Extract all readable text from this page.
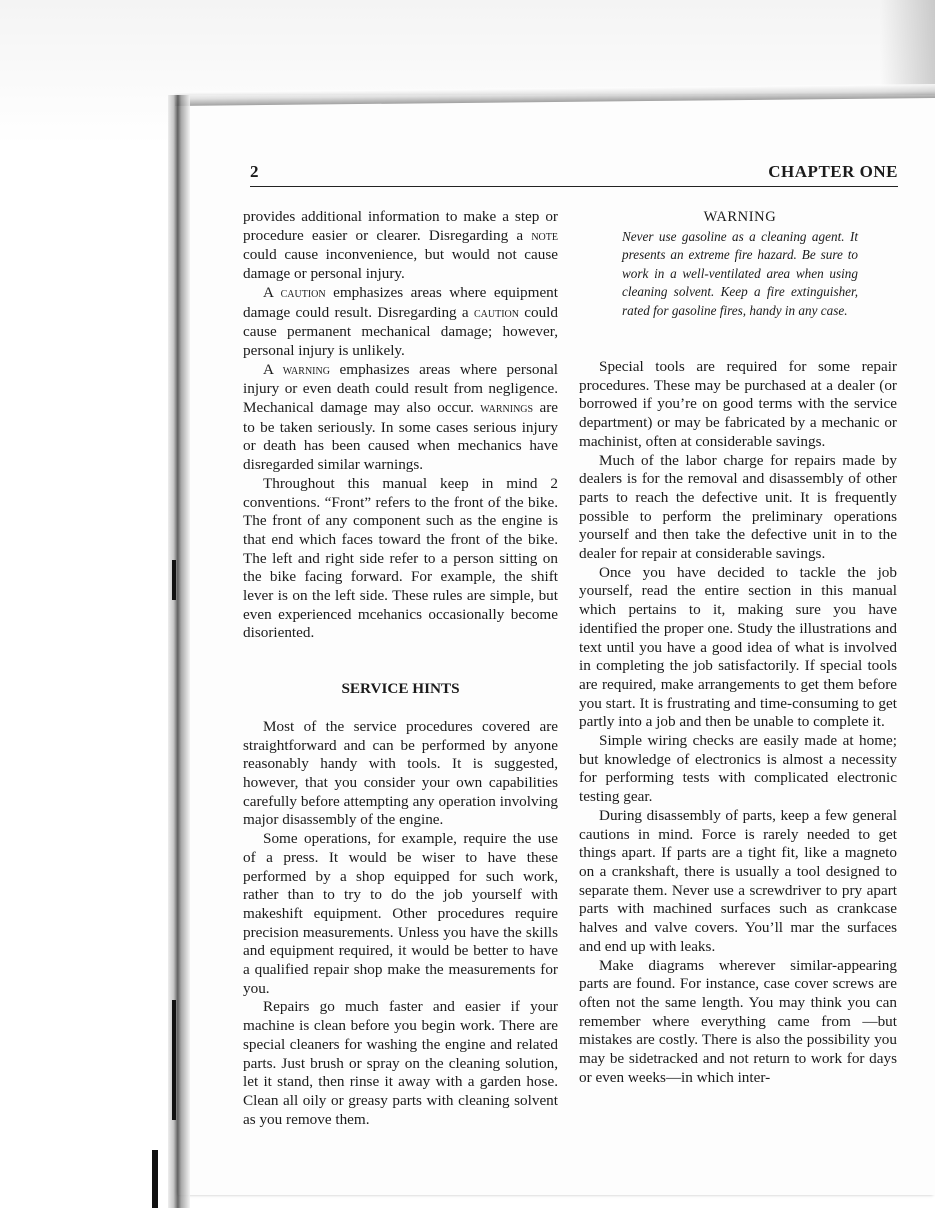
2	CHAPTER ONE

provides additional information to make a step or procedure easier or clearer. Disregarding a note could cause inconvenience, but would not cause damage or personal injury.

A caution emphasizes areas where equipment damage could result. Disregarding a caution could cause permanent mechanical damage; however, personal injury is unlikely.

A warning emphasizes areas where personal injury or even death could result from negligence. Mechanical damage may also occur. warnings are to be taken seriously. In some cases serious injury or death has been caused when mechanics have disregarded similar warnings.

Throughout this manual keep in mind 2 conventions. “Front” refers to the front of the bike. The front of any component such as the engine is that end which faces toward the front of the bike. The left and right side refer to a person sitting on the bike facing forward. For example, the shift lever is on the left side. These rules are simple, but even experienced mcehanics occasionally become disoriented.

SERVICE HINTS

Most of the service procedures covered are straightforward and can be performed by anyone reasonably handy with tools. It is suggested, however, that you consider your own capabilities carefully before attempting any operation involving major disassembly of the engine.

Some operations, for example, require the use of a press. It would be wiser to have these performed by a shop equipped for such work, rather than to try to do the job yourself with makeshift equipment. Other procedures require precision measurements. Unless you have the skills and equipment required, it would be better to have a qualified repair shop make the measurements for you.

Repairs go much faster and easier if your machine is clean before you begin work. There are special cleaners for washing the engine and related parts. Just brush or spray on the cleaning solution, let it stand, then rinse it away with a garden hose. Clean all oily or greasy parts with cleaning solvent as you remove them.

WARNING
Never use gasoline as a cleaning agent. It presents an extreme fire hazard. Be sure to work in a well-ventilated area when using cleaning solvent. Keep a fire extinguisher, rated for gasoline fires, handy in any case.

Special tools are required for some repair procedures. These may be purchased at a dealer (or borrowed if you’re on good terms with the service department) or may be fabricated by a mechanic or machinist, often at considerable savings.

Much of the labor charge for repairs made by dealers is for the removal and disassembly of other parts to reach the defective unit. It is frequently possible to perform the preliminary operations yourself and then take the defective unit in to the dealer for repair at considerable savings.

Once you have decided to tackle the job yourself, read the entire section in this manual which pertains to it, making sure you have identified the proper one. Study the illustrations and text until you have a good idea of what is involved in completing the job satisfactorily. If special tools are required, make arrangements to get them before you start. It is frustrating and time-consuming to get partly into a job and then be unable to complete it.

Simple wiring checks are easily made at home; but knowledge of electronics is almost a necessity for performing tests with complicated electronic testing gear.

During disassembly of parts, keep a few general cautions in mind. Force is rarely needed to get things apart. If parts are a tight fit, like a magneto on a crankshaft, there is usually a tool designed to separate them. Never use a screwdriver to pry apart parts with machined surfaces such as crankcase halves and valve covers. You’ll mar the surfaces and end up with leaks.

Make diagrams wherever similar-appearing parts are found. For instance, case cover screws are often not the same length. You may think you can remember where everything came from —but mistakes are costly. There is also the possibility you may be sidetracked and not return to work for days or even weeks—in which inter-
